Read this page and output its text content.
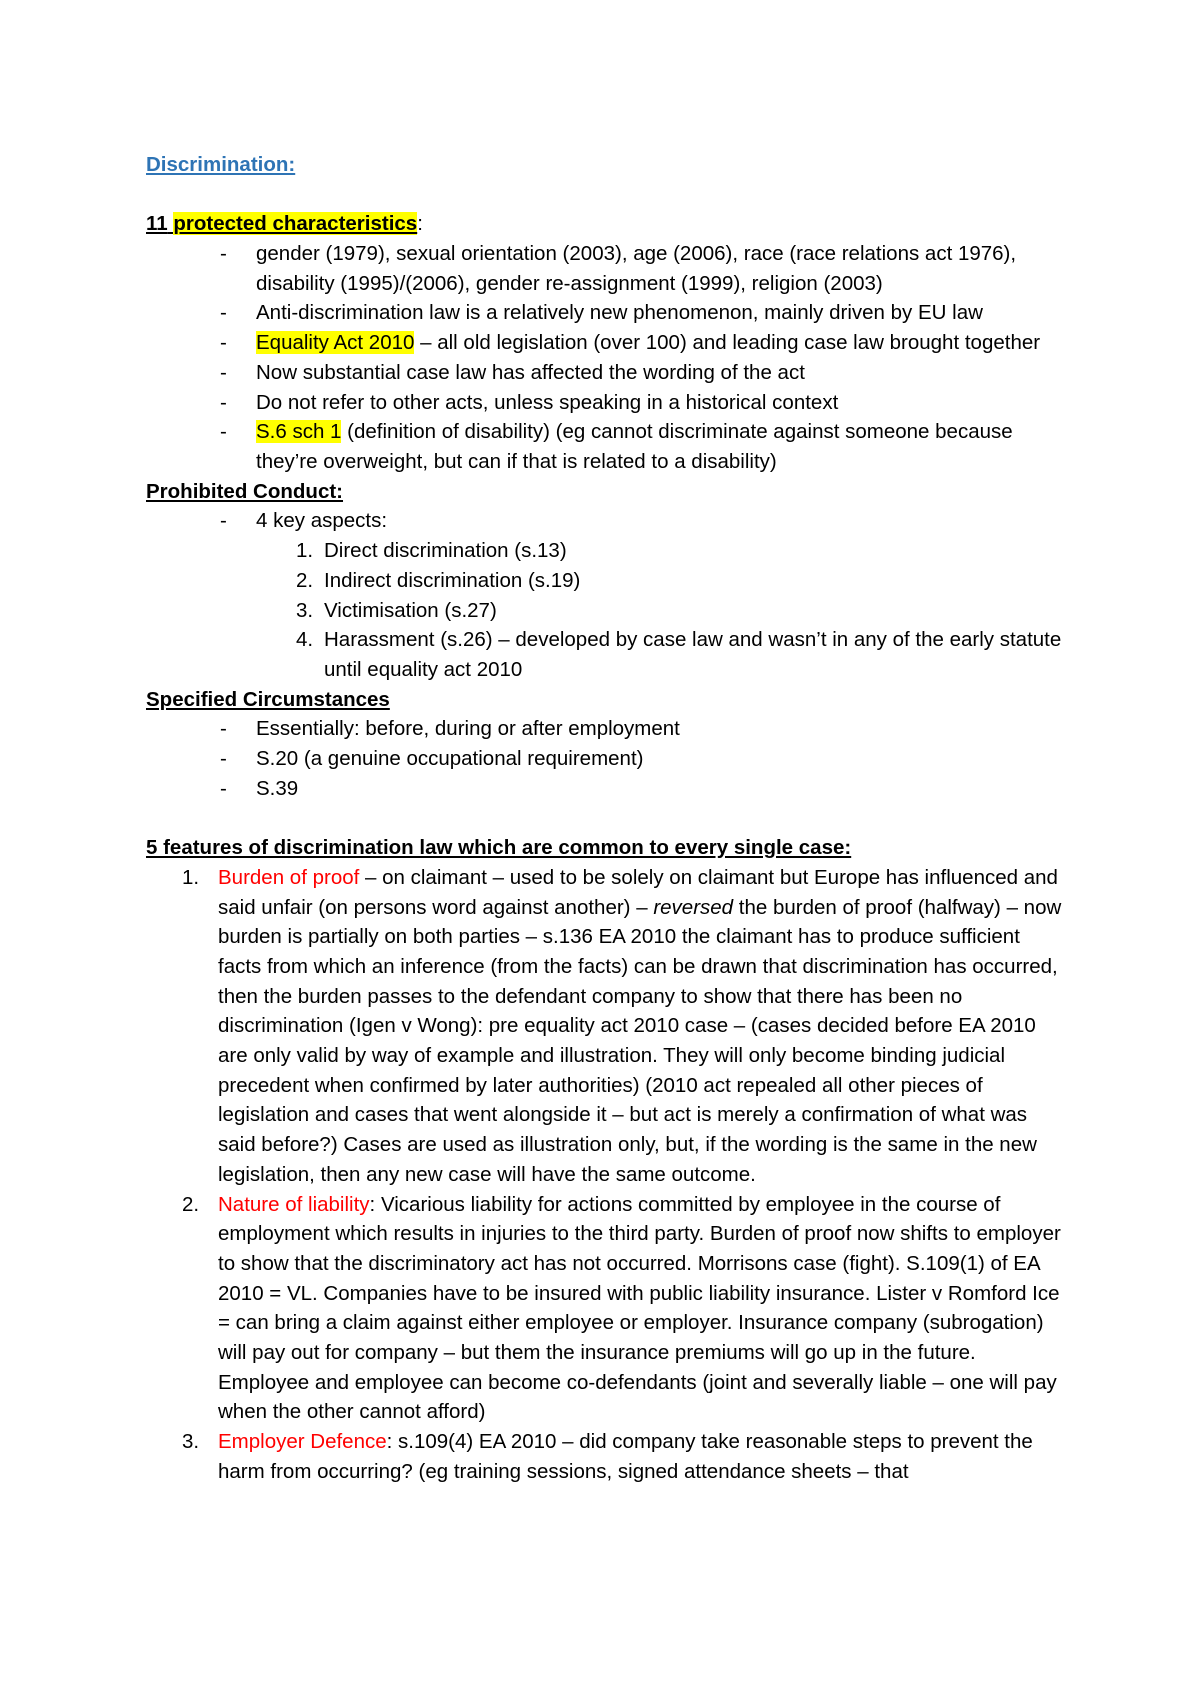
Discrimination:

11 protected characteristics:
- gender (1979), sexual orientation (2003), age (2006), race (race relations act 1976), disability (1995)/(2006), gender re-assignment (1999), religion (2003)
- Anti-discrimination law is a relatively new phenomenon, mainly driven by EU law
- Equality Act 2010 – all old legislation (over 100) and leading case law brought together
- Now substantial case law has affected the wording of the act
- Do not refer to other acts, unless speaking in a historical context
- S.6 sch 1 (definition of disability) (eg cannot discriminate against someone because they’re overweight, but can if that is related to a disability)
Prohibited Conduct:
- 4 key aspects:
1. Direct discrimination (s.13)
2. Indirect discrimination (s.19)
3. Victimisation (s.27)
4. Harassment (s.26) – developed by case law and wasn’t in any of the early statute until equality act 2010
Specified Circumstances
- Essentially: before, during or after employment
- S.20 (a genuine occupational requirement)
- S.39
5 features of discrimination law which are common to every single case:
1. Burden of proof – on claimant – used to be solely on claimant but Europe has influenced and said unfair (on persons word against another) – reversed the burden of proof (halfway) – now burden is partially on both parties – s.136 EA 2010 the claimant has to produce sufficient facts from which an inference (from the facts) can be drawn that discrimination has occurred, then the burden passes to the defendant company to show that there has been no discrimination (Igen v Wong): pre equality act 2010 case – (cases decided before EA 2010 are only valid by way of example and illustration. They will only become binding judicial precedent when confirmed by later authorities) (2010 act repealed all other pieces of legislation and cases that went alongside it – but act is merely a confirmation of what was said before?) Cases are used as illustration only, but, if the wording is the same in the new legislation, then any new case will have the same outcome.
2. Nature of liability: Vicarious liability for actions committed by employee in the course of employment which results in injuries to the third party. Burden of proof now shifts to employer to show that the discriminatory act has not occurred. Morrisons case (fight). S.109(1) of EA 2010 = VL. Companies have to be insured with public liability insurance. Lister v Romford Ice = can bring a claim against either employee or employer. Insurance company (subrogation) will pay out for company – but them the insurance premiums will go up in the future. Employee and employee can become co-defendants (joint and severally liable – one will pay when the other cannot afford)
3. Employer Defence: s.109(4) EA 2010 – did company take reasonable steps to prevent the harm from occurring? (eg training sessions, signed attendance sheets – that
